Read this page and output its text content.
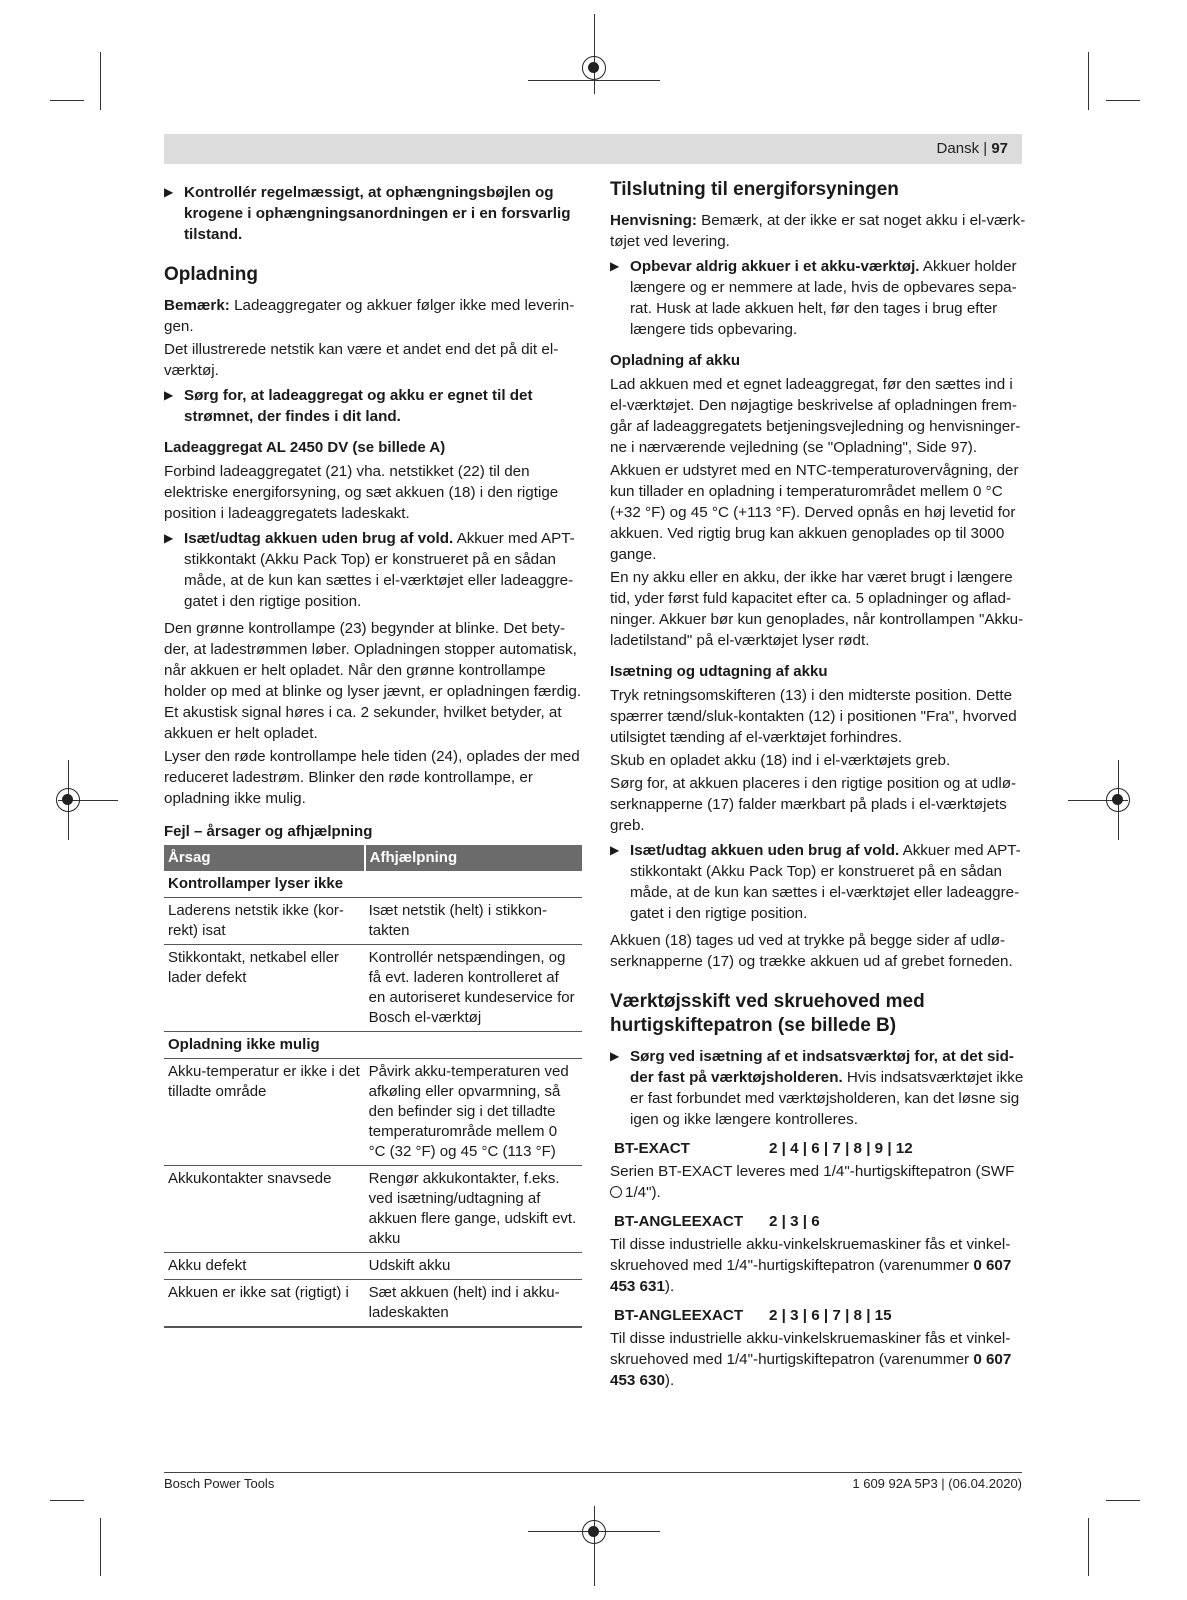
Dansk | 97

▶ Kontrollér regelmæssigt, at ophængningsbøjlen og krogene i ophængningsanordningen er i en forsvarlig tilstand.

Opladning

Bemærk: Ladeaggregater og akkuer følger ikke med leveringen.

Det illustrerede netstik kan være et andet end det på dit elværktøj.

▶ Sørg for, at ladeaggregat og akku er egnet til det strømnet, der findes i dit land.

Ladeaggregat AL 2450 DV (se billede A)

Forbind ladeaggregatet (21) vha. netstikket (22) til den elektriske energiforsyning, og sæt akkuen (18) i den rigtige position i ladeaggregatets ladeskakt.

▶ Isæt/udtag akkuen uden brug af vold. Akkuer med APT-stikkontakt (Akku Pack Top) er konstrueret på en sådan måde, at de kun kan sættes i el-værktøjet eller ladeaggregatet i den rigtige position.

Den grønne kontrollampe (23) begynder at blinke. Det betyder, at ladestrømmen løber. Opladningen stopper automatisk, når akkuen er helt opladet. Når den grønne kontrollampe holder op med at blinke og lyser jævnt, er opladningen færdig. Et akustisk signal høres i ca. 2 sekunder, hvilket betyder, at akkuen er helt opladet.

Lyser den røde kontrollampe hele tiden (24), oplades der med reduceret ladestrøm. Blinker den røde kontrollampe, er opladning ikke mulig.

Fejl – årsager og afhjælpning
Årsag	Afhjælpning
Kontrollamper lyser ikke	
Laderens netstik ikke (korrekt) isat	Isæt netstik (helt) i stikkontakten
Stikkontakt, netkabel eller lader defekt	Kontrollér netspændingen, og få evt. laderen kontrolleret af en autoriseret kundeservice for Bosch el-værktøj
Opladning ikke mulig	
Akku-temperatur er ikke i det tilladte område	Påvirk akku-temperaturen ved afkøling eller opvarmning, så den befinder sig i det tilladte temperaturområde mellem 0 °C (32 °F) og 45 °C (113 °F)
Akkukontakter snavsede	Rengør akkukontakter, f.eks. ved isætning/udtagning af akkuen flere gange, udskift evt. akku
Akku defekt	Udskift akku
Akkuen er ikke sat (rigtigt) i	Sæt akkuen (helt) ind i akkuladeskakten
Tilslutning til energiforsyningen

Henvisning: Bemærk, at der ikke er sat noget akku i el-værktøjet ved levering.

▶ Opbevar aldrig akkuer i et akku-værktøj. Akkuer holder længere og er nemmere at lade, hvis de opbevares separat. Husk at lade akkuen helt, før den tages i brug efter længere tids opbevaring.

Opladning af akku

Lad akkuen med et egnet ladeaggregat, før den sættes ind i el-værktøjet. Den nøjagtige beskrivelse af opladningen fremgår af ladeaggregatets betjeningsvejledning og henvisningerne i nærværende vejledning (se "Opladning", Side 97).

Akkuen er udstyret med en NTC-temperaturovervågning, der kun tillader en opladning i temperaturområdet mellem 0 °C (+32 °F) og 45 °C (+113 °F). Derved opnås en høj levetid for akkuen. Ved rigtig brug kan akkuen genoplades op til 3000 gange.

En ny akku eller en akku, der ikke har været brugt i længere tid, yder først fuld kapacitet efter ca. 5 opladninger og afladninger. Akkuer bør kun genoplades, når kontrollampen "Akku-ladetilstand" på el-værktøjet lyser rødt.

Isætning og udtagning af akku

Tryk retningsomskifteren (13) i den midterste position. Dette spærrer tænd/sluk-kontakten (12) i positionen "Fra", hvorved utilsigtet tænding af el-værktøjet forhindres.

Skub en opladet akku (18) ind i el-værktøjets greb.

Sørg for, at akkuen placeres i den rigtige position og at udløserknapperne (17) falder mærkbart på plads i el-værktøjets greb.

▶ Isæt/udtag akkuen uden brug af vold. Akkuer med APT-stikkontakt (Akku Pack Top) er konstrueret på en sådan måde, at de kun kan sættes i el-værktøjet eller ladeaggregatet i den rigtige position.

Akkuen (18) tages ud ved at trykke på begge sider af udløserknapperne (17) og trække akkuen ud af grebet forneden.

Værktøjsskift ved skruehoved med hurtigskiftepatron (se billede B)

▶ Sørg ved isætning af et indsatsværktøj for, at det sidder fast på værktøjsholderen. Hvis indsatsværktøjet ikke er fast forbundet med værktøjsholderen, kan det løsne sig igen og ikke længere kontrolleres.

BT-EXACT	2 | 4 | 6 | 7 | 8 | 9 | 12

Serien BT-EXACT leveres med 1/4"-hurtigskiftepatron (SWF
1/4").

BT-ANGLEEXACT	2 | 3 | 6

Til disse industrielle akku-vinkelskruemaskiner fås et vinkelskruehoved med 1/4"-hurtigskiftepatron (varenummer 0 607 453 631).

BT-ANGLEEXACT	2 | 3 | 6 | 7 | 8 | 15

Til disse industrielle akku-vinkelskruemaskiner fås et vinkelskruehoved med 1/4"-hurtigskiftepatron (varenummer 0 607 453 630).

Bosch Power Tools	1 609 92A 5P3 | (06.04.2020)
